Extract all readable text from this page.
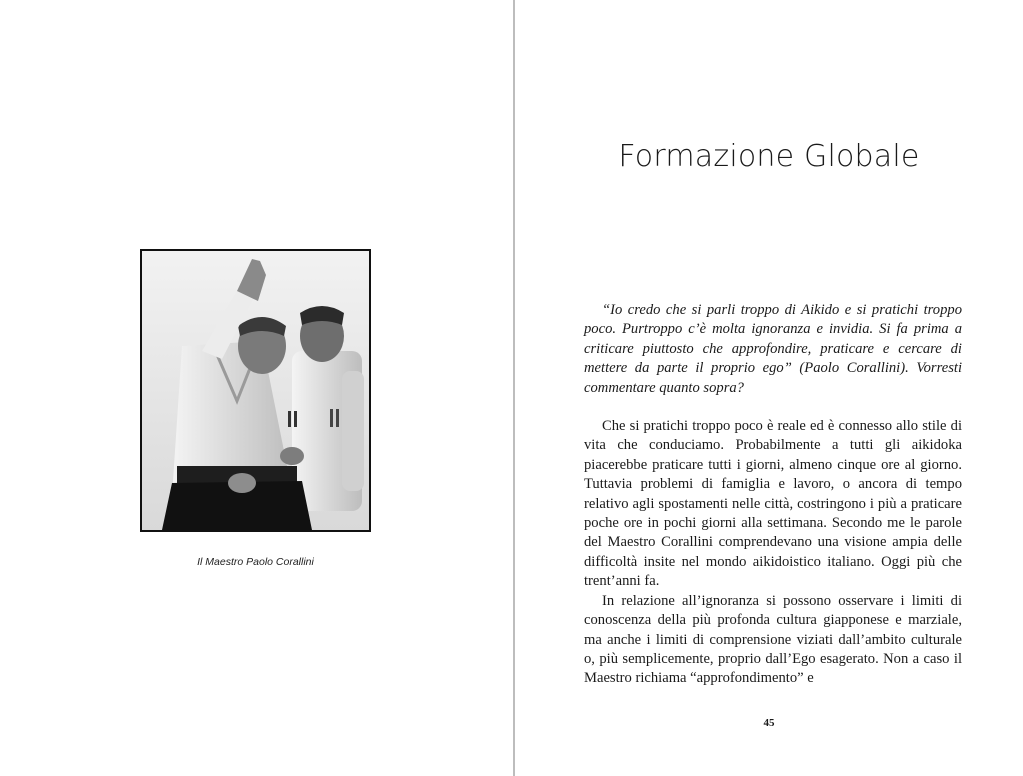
Il Maestro Paolo Corallini
Formazione Globale

“Io credo che si parli troppo di Aikido e si pratichi troppo poco. Purtroppo c’è molta ignoranza e invidia. Si fa prima a criticare piuttosto che approfondire, praticare e cercare di mettere da parte il proprio ego” (Paolo Corallini). Vorresti commentare quanto sopra?

Che si pratichi troppo poco è reale ed è connesso allo stile di vita che conduciamo. Probabilmente a tutti gli aikidoka piacerebbe praticare tutti i giorni, almeno cinque ore al giorno. Tuttavia problemi di famiglia e lavoro, o ancora di tempo relativo agli spostamenti nelle città, costringono i più a praticare poche ore in pochi giorni alla settimana. Secondo me le parole del Maestro Corallini comprendevano una visione ampia delle difficoltà insite nel mondo aikidoistico italiano. Oggi più che trent’anni fa.

In relazione all’ignoranza si possono osservare i limiti di conoscenza della più profonda cultura giapponese e marziale, ma anche i limiti di comprensione viziati dall’ambito culturale o, più semplicemente, proprio dall’Ego esagerato. Non a caso il Maestro richiama “approfondimento” e

45
